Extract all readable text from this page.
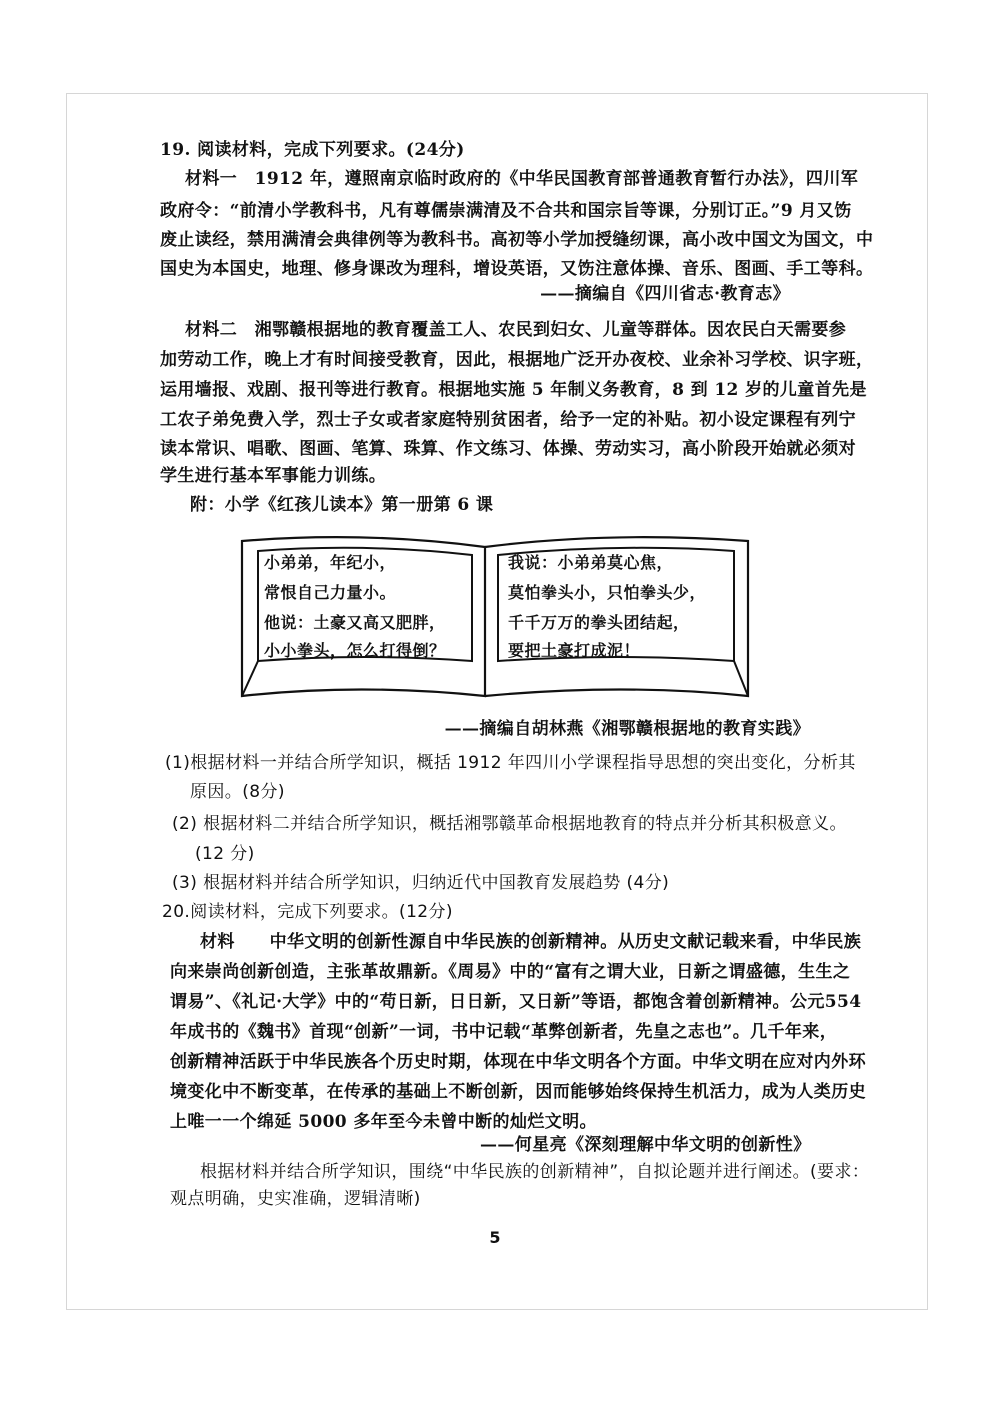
19. 阅读材料，完成下列要求。(24分)
材料一　1912 年，遵照南京临时政府的《中华民国教育部普通教育暂行办法》，四川军
政府令：“前清小学教科书，凡有尊儒崇满清及不合共和国宗旨等课，分别订正。”9 月又饬
废止读经，禁用满清会典律例等为教科书。高初等小学加授缝纫课，高小改中国文为国文，中
国史为本国史，地理、修身课改为理科，增设英语，又饬注意体操、音乐、图画、手工等科。
——摘编自《四川省志·教育志》
材料二　湘鄂赣根据地的教育覆盖工人、农民到妇女、儿童等群体。因农民白天需要参
加劳动工作，晚上才有时间接受教育，因此，根据地广泛开办夜校、业余补习学校、识字班，
运用墙报、戏剧、报刊等进行教育。根据地实施 5 年制义务教育，8 到 12 岁的儿童首先是
工农子弟免费入学，烈士子女或者家庭特别贫困者，给予一定的补贴。初小设定课程有列宁
读本常识、唱歌、图画、笔算、珠算、作文练习、体操、劳动实习，高小阶段开始就必须对
学生进行基本军事能力训练。
附：小学《红孩儿读本》第一册第 6 课
小弟弟，年纪小，
常恨自己力量小。
他说：土豪又高又肥胖，
小小拳头，怎么打得倒？
我说：小弟弟莫心焦，
莫怕拳头小，只怕拳头少，
千千万万的拳头团结起，
要把土豪打成泥！
——摘编自胡林燕《湘鄂赣根据地的教育实践》
(1)根据材料一并结合所学知识，概括 1912 年四川小学课程指导思想的突出变化，分析其
原因。(8分)
(2) 根据材料二并结合所学知识，概括湘鄂赣革命根据地教育的特点并分析其积极意义。
(12 分)
(3) 根据材料并结合所学知识，归纳近代中国教育发展趋势 (4分)
20.阅读材料，完成下列要求。(12分)
材料　　中华文明的创新性源自中华民族的创新精神。从历史文献记载来看，中华民族
向来崇尚创新创造，主张革故鼎新。《周易》中的“富有之谓大业，日新之谓盛德，生生之
谓易”、《礼记·大学》中的“苟日新，日日新，又日新”等语，都饱含着创新精神。公元554
年成书的《魏书》首现“创新”一词，书中记载“革弊创新者，先皇之志也”。几千年来，
创新精神活跃于中华民族各个历史时期，体现在中华文明各个方面。中华文明在应对内外环
境变化中不断变革，在传承的基础上不断创新，因而能够始终保持生机活力，成为人类历史
上唯一一个绵延 5000 多年至今未曾中断的灿烂文明。
——何星亮《深刻理解中华文明的创新性》
根据材料并结合所学知识，围绕“中华民族的创新精神”，自拟论题并进行阐述。(要求：
观点明确，史实准确，逻辑清晰)
5
